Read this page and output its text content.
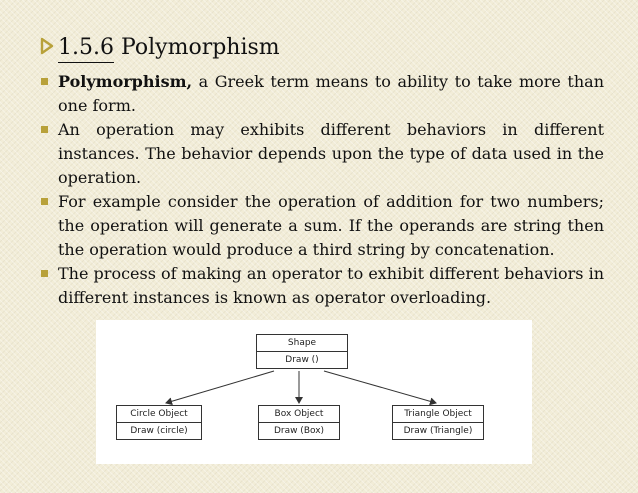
1.5.6 Polymorphism
Polymorphism, a Greek term means to ability to take more than one form.
An operation may exhibits different behaviors in different instances. The behavior depends upon the type of data used in the operation.
For example consider the operation of addition for two numbers; the operation will generate a sum. If the operands are string then the operation would produce a third string by concatenation.
The process of making an operator to exhibit different behaviors in different instances is known as operator overloading.
Shape
Draw ()
Circle Object
Draw (circle)
Box Object
Draw (Box)
Triangle Object
Draw (Triangle)
